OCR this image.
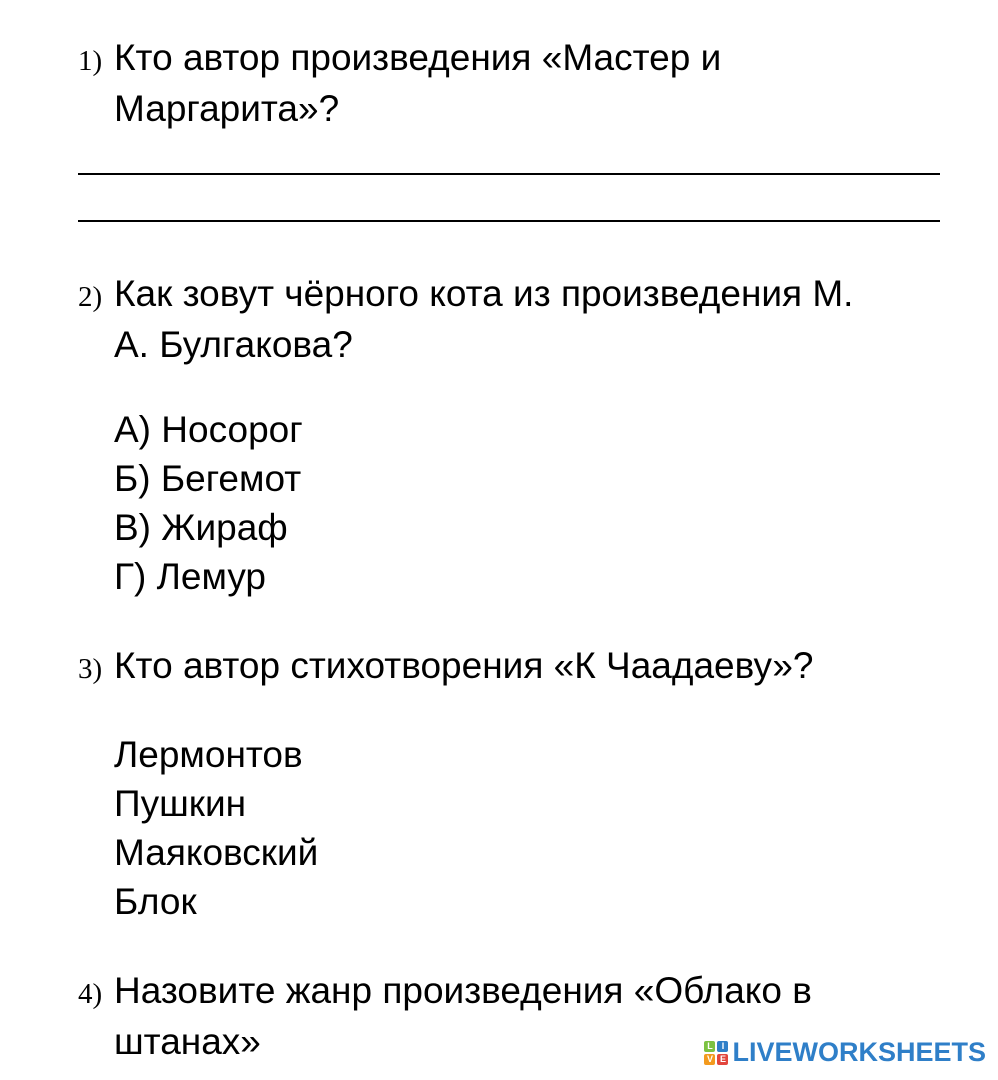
1) Кто автор произведения «Мастер и
Маргарита»?
2) Как зовут чёрного кота из произведения М.
А. Булгакова?
А) Носорог
Б) Бегемот
В) Жираф
Г) Лемур
3) Кто автор стихотворения «К Чаадаеву»?
Лермонтов
Пушкин
Маяковский
Блок
4) Назовите жанр произведения «Облако в
штанах»	L I
V E LIVEWORKSHEETS
